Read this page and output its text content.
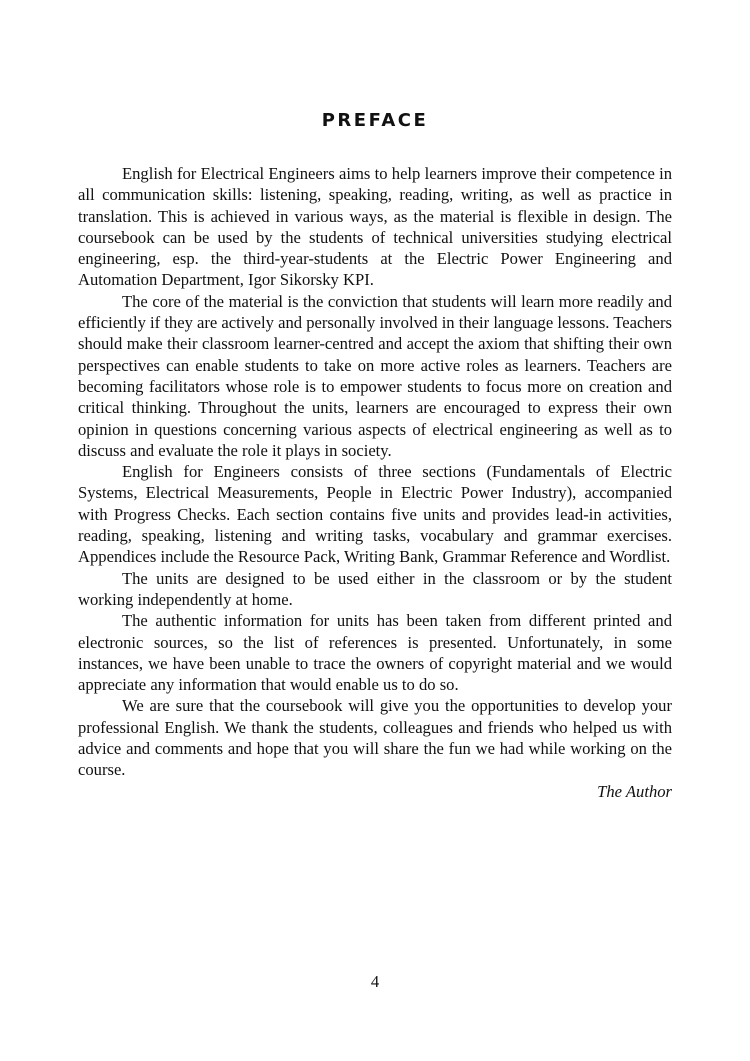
PREFACE

English for Electrical Engineers aims to help learners improve their competence in all communication skills: listening, speaking, reading, writing, as well as practice in translation. This is achieved in various ways, as the material is flexible in design. The coursebook can be used by the students of technical universities studying electrical engineering, esp. the third-year-students at the Electric Power Engineering and Automation Department, Igor Sikorsky KPI.

The core of the material is the conviction that students will learn more readily and efficiently if they are actively and personally involved in their language lessons. Teachers should make their classroom learner-centred and accept the axiom that shifting their own perspectives can enable students to take on more active roles as learners. Teachers are becoming facilitators whose role is to empower students to focus more on creation and critical thinking. Throughout the units, learners are encouraged to express their own opinion in questions concerning various aspects of electrical engineering as well as to discuss and evaluate the role it plays in society.

English for Engineers consists of three sections (Fundamentals of Electric Systems, Electrical Measurements, People in Electric Power Industry), accompanied with Progress Checks. Each section contains five units and provides lead-in activities, reading, speaking, listening and writing tasks, vocabulary and grammar exercises. Appendices include the Resource Pack, Writing Bank, Grammar Reference and Wordlist.

The units are designed to be used either in the classroom or by the student working independently at home.

The authentic information for units has been taken from different printed and electronic sources, so the list of references is presented. Unfortunately, in some instances, we have been unable to trace the owners of copyright material and we would appreciate any information that would enable us to do so.

We are sure that the coursebook will give you the opportunities to develop your professional English. We thank the students, colleagues and friends who helped us with advice and comments and hope that you will share the fun we had while working on the course.

The Author

4
